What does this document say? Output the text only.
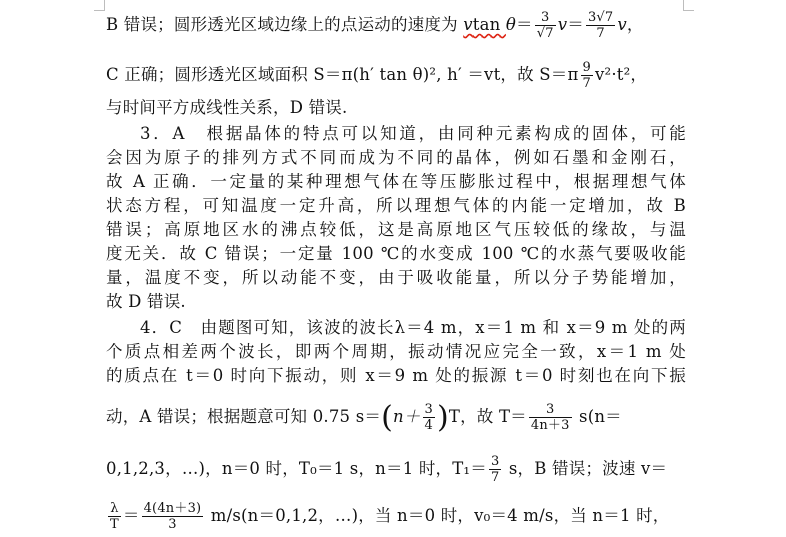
B 错误；圆形透光区域边缘上的点运动的速度为 vtan $\theta= \frac{3}{√7} v= \frac{3√7}{7}$ v，
C 正确；圆形透光区域面积 S＝π(h′ tan θ)², h′ ＝vt，故 $S=\pi \frac{9}{7} v^2\cdot t^2$，
与时间平方成线性关系，D 错误.
3．A　根据晶体的特点可以知道，由同种元素构成的固体，可能
会因为原子的排列方式不同而成为不同的晶体，例如石墨和金刚石，
故 A 正确．一定量的某种理想气体在等压膨胀过程中，根据理想气体
状态方程，可知温度一定升高，所以理想气体的内能一定增加，故 B
错误；高原地区水的沸点较低，这是高原地区气压较低的缘故，与温
度无关．故 C 错误；一定量 100 ℃的水变成 100 ℃的水蒸气要吸收能
量，温度不变，所以动能不变，由于吸收能量，所以分子势能增加，
故 D 错误.
4．C　由题图可知，该波的波长λ＝4 m，x＝1 m 和 x＝9 m 处的两
个质点相差两个波长，即两个周期，振动情况应完全一致，x＝1 m 处
的质点在 t＝0 时向下振动，则 x＝9 m 处的振源 t＝0 时刻也在向下振
动，A 错误；根据题意可知 0.75 $s=(n+ \frac{3}{4} )T$，故 $T= \frac{3}{4n+3} s(n=$
0,1,2,3，…)，n＝0 时，T₀＝1 s，n＝1 时，$T_1= \frac{3}{7}$ s，B 错误；波速 v＝
$\frac{\lambda}{T} = \frac{4(4n+3)}{3} m/s(n=0,1,2$，…)，当 n＝0 时，v₀＝4 m/s，当 n＝1 时，
